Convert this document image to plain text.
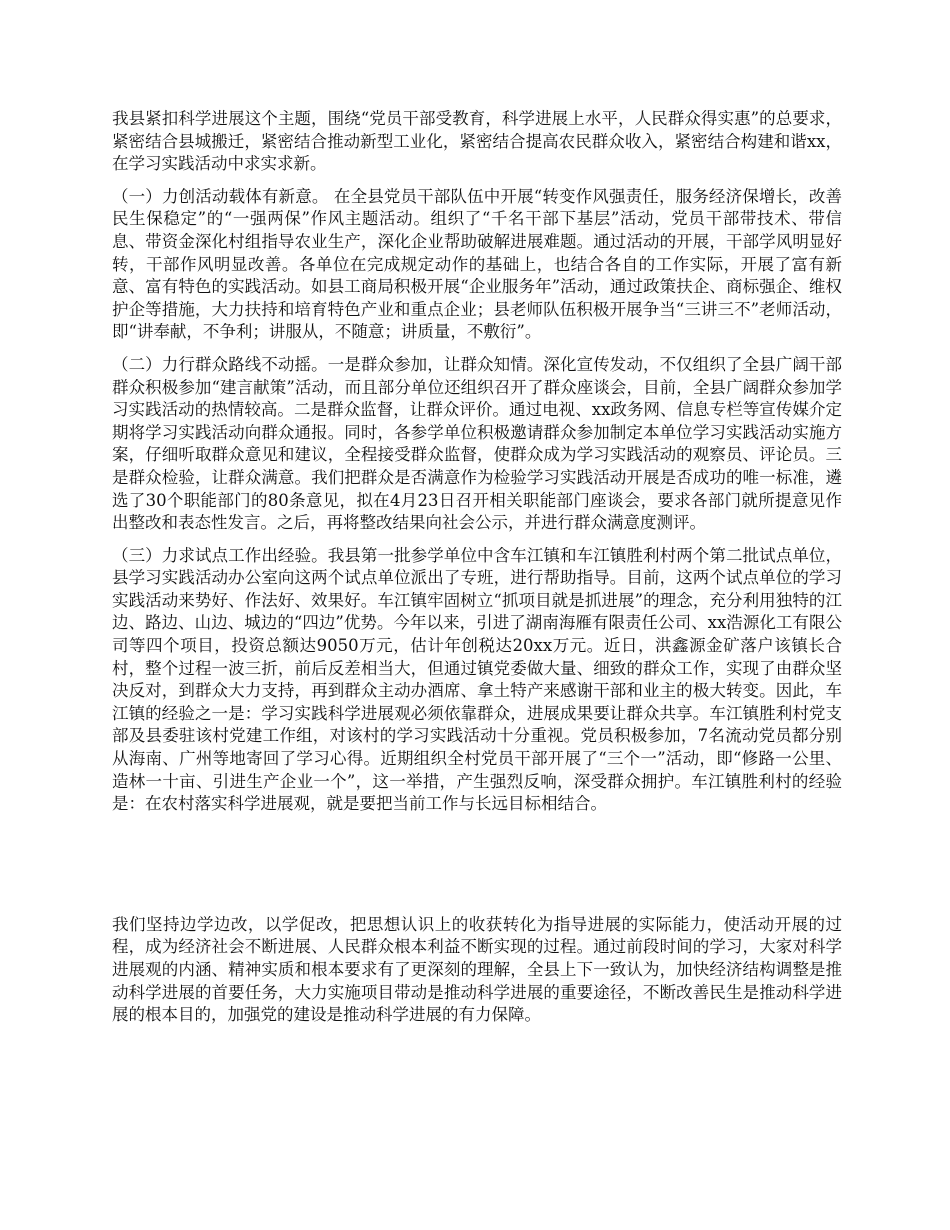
我县紧扣科学进展这个主题，围绕“党员干部受教育，科学进展上水平，人民群众得实惠”的总要求，紧密结合县城搬迁，紧密结合推动新型工业化，紧密结合提高农民群众收入，紧密结合构建和谐xx，在学习实践活动中求实求新。

（一）力创活动载体有新意。 在全县党员干部队伍中开展“转变作风强责任，服务经济保增长，改善民生保稳定”的“一强两保”作风主题活动。组织了“千名干部下基层”活动，党员干部带技术、带信息、带资金深化村组指导农业生产，深化企业帮助破解进展难题。通过活动的开展，干部学风明显好转，干部作风明显改善。各单位在完成规定动作的基础上，也结合各自的工作实际，开展了富有新意、富有特色的实践活动。如县工商局积极开展“企业服务年”活动，通过政策扶企、商标强企、维权护企等措施，大力扶持和培育特色产业和重点企业；县老师队伍积极开展争当“三讲三不”老师活动，即“讲奉献，不争利；讲服从，不随意；讲质量，不敷衍”。

（二）力行群众路线不动摇。一是群众参加，让群众知情。深化宣传发动，不仅组织了全县广阔干部群众积极参加“建言献策”活动，而且部分单位还组织召开了群众座谈会，目前，全县广阔群众参加学习实践活动的热情较高。二是群众监督，让群众评价。通过电视、xx政务网、信息专栏等宣传媒介定期将学习实践活动向群众通报。同时，各参学单位积极邀请群众参加制定本单位学习实践活动实施方案，仔细听取群众意见和建议，全程接受群众监督，使群众成为学习实践活动的观察员、评论员。三是群众检验，让群众满意。我们把群众是否满意作为检验学习实践活动开展是否成功的唯一标准，遴选了30个职能部门的80条意见，拟在4月23日召开相关职能部门座谈会，要求各部门就所提意见作出整改和表态性发言。之后，再将整改结果向社会公示，并进行群众满意度测评。

（三）力求试点工作出经验。我县第一批参学单位中含车江镇和车江镇胜利村两个第二批试点单位，县学习实践活动办公室向这两个试点单位派出了专班，进行帮助指导。目前，这两个试点单位的学习实践活动来势好、作法好、效果好。车江镇牢固树立“抓项目就是抓进展”的理念，充分利用独特的江边、路边、山边、城边的“四边”优势。今年以来，引进了湖南海雁有限责任公司、xx浩源化工有限公司等四个项目，投资总额达9050万元，估计年创税达20xx万元。近日，洪鑫源金矿落户该镇长合村，整个过程一波三折，前后反差相当大，但通过镇党委做大量、细致的群众工作，实现了由群众坚决反对，到群众大力支持，再到群众主动办酒席、拿土特产来感谢干部和业主的极大转变。因此，车江镇的经验之一是：学习实践科学进展观必须依靠群众，进展成果要让群众共享。车江镇胜利村党支部及县委驻该村党建工作组，对该村的学习实践活动十分重视。党员积极参加，7名流动党员都分别从海南、广州等地寄回了学习心得。近期组织全村党员干部开展了“三个一”活动，即“修路一公里、造林一十亩、引进生产企业一个”，这一举措，产生强烈反响，深受群众拥护。车江镇胜利村的经验是：在农村落实科学进展观，就是要把当前工作与长远目标相结合。

我们坚持边学边改，以学促改，把思想认识上的收获转化为指导进展的实际能力，使活动开展的过程，成为经济社会不断进展、人民群众根本利益不断实现的过程。通过前段时间的学习，大家对科学进展观的内涵、精神实质和根本要求有了更深刻的理解，全县上下一致认为，加快经济结构调整是推动科学进展的首要任务，大力实施项目带动是推动科学进展的重要途径，不断改善民生是推动科学进展的根本目的，加强党的建设是推动科学进展的有力保障。
